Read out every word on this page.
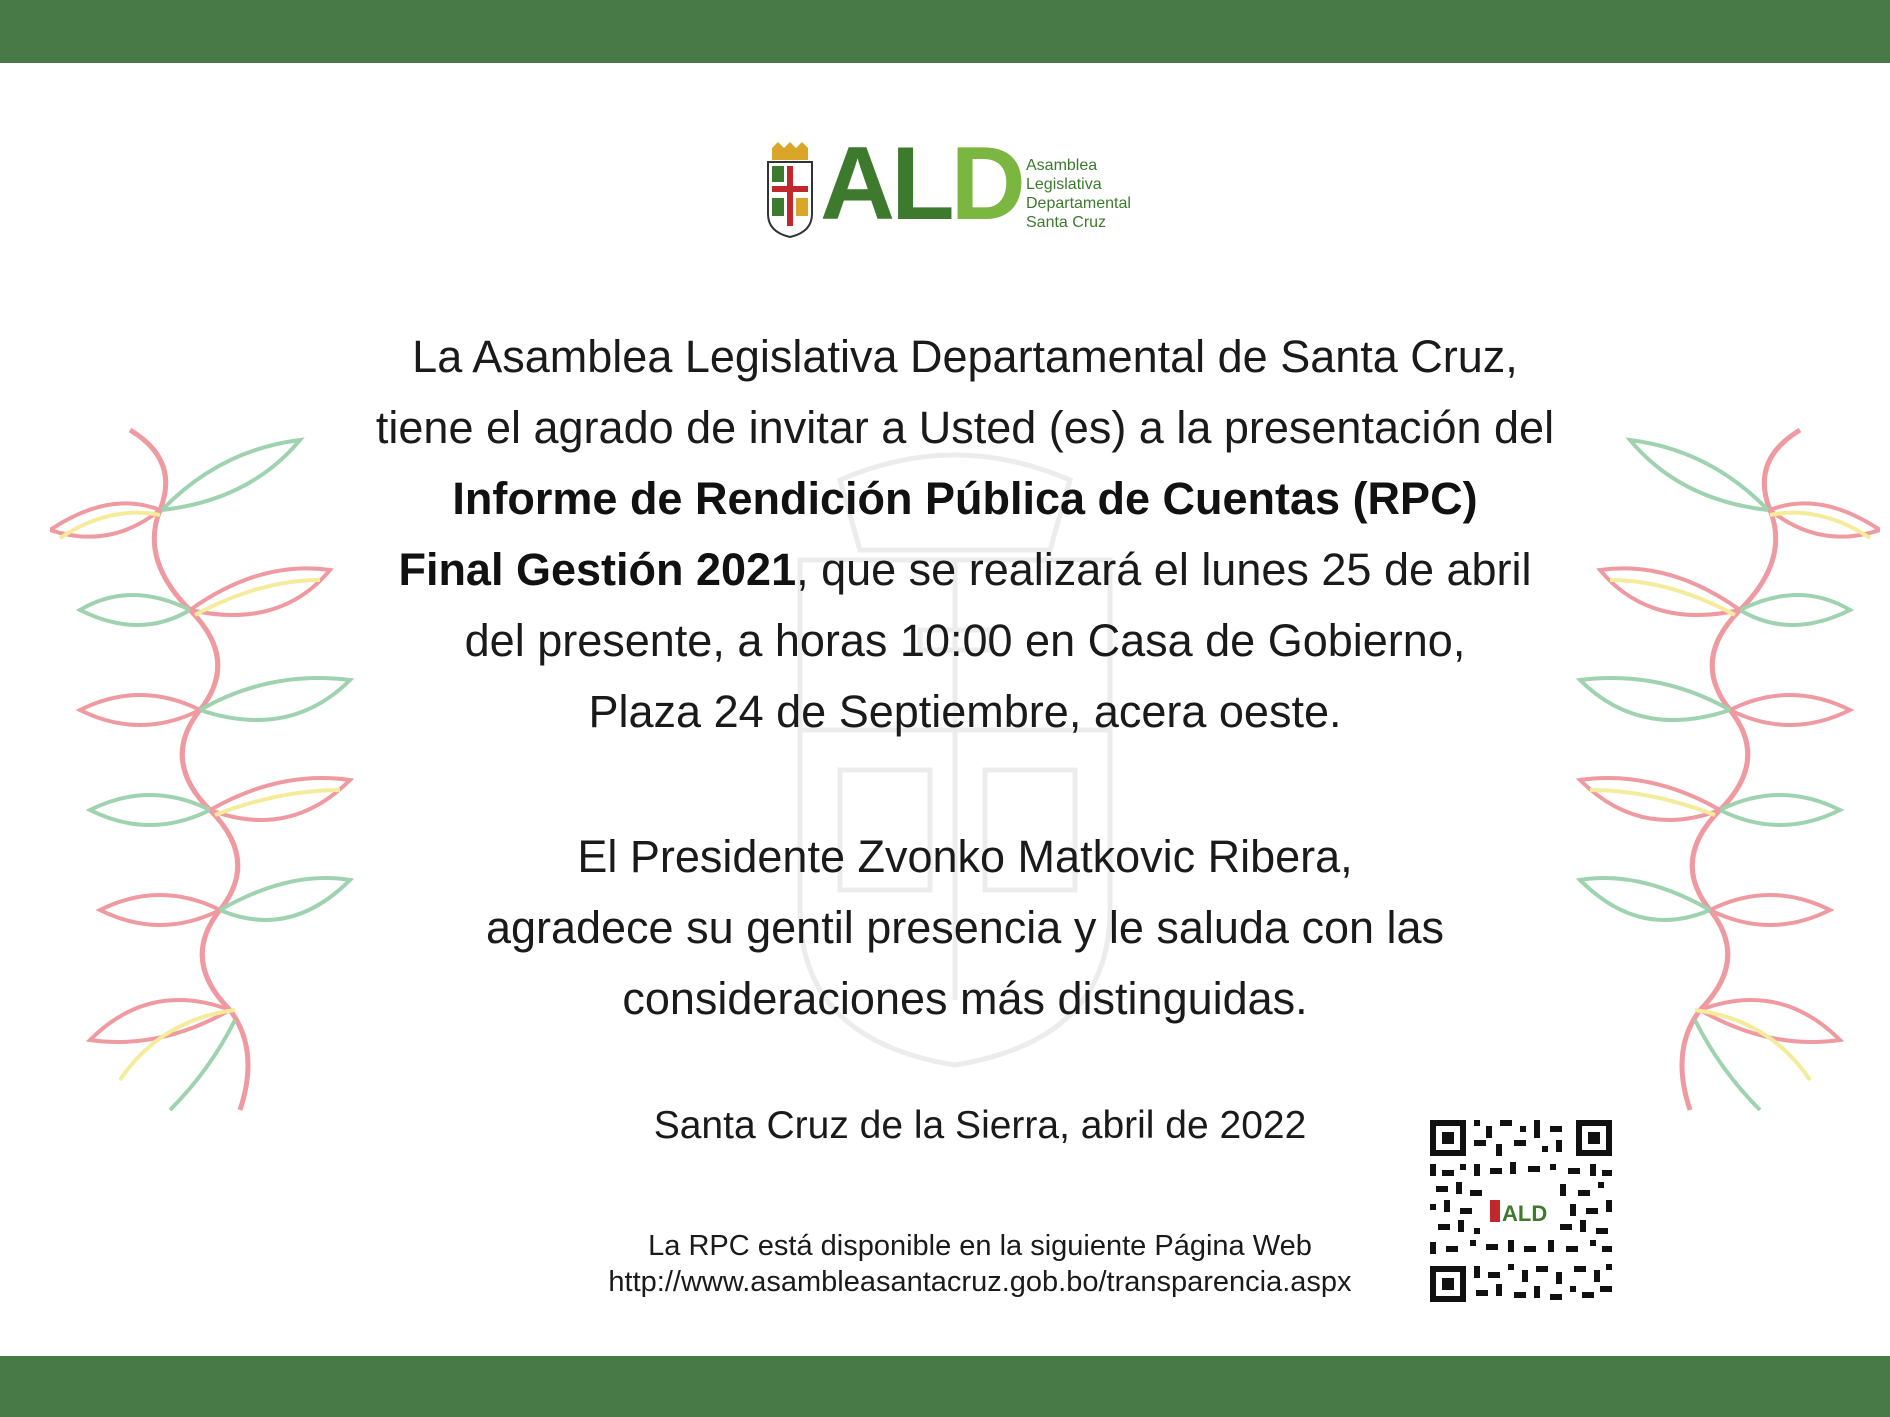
ALD Asamblea
Legislativa
Departamental
Santa Cruz
La Asamblea Legislativa Departamental de Santa Cruz,
tiene el agrado de invitar a Usted (es) a la presentación del
Informe de Rendición Pública de Cuentas (RPC)
Final Gestión 2021, que se realizará el lunes 25 de abril
del presente, a horas 10:00 en Casa de Gobierno,
Plaza 24 de Septiembre, acera oeste.
El Presidente Zvonko Matkovic Ribera,
agradece su gentil presencia y le saluda con las
consideraciones más distinguidas.
Santa Cruz de la Sierra, abril de 2022
La RPC está disponible en la siguiente Página Web
http://www.asambleasantacruz.gob.bo/transparencia.aspx
ALD
